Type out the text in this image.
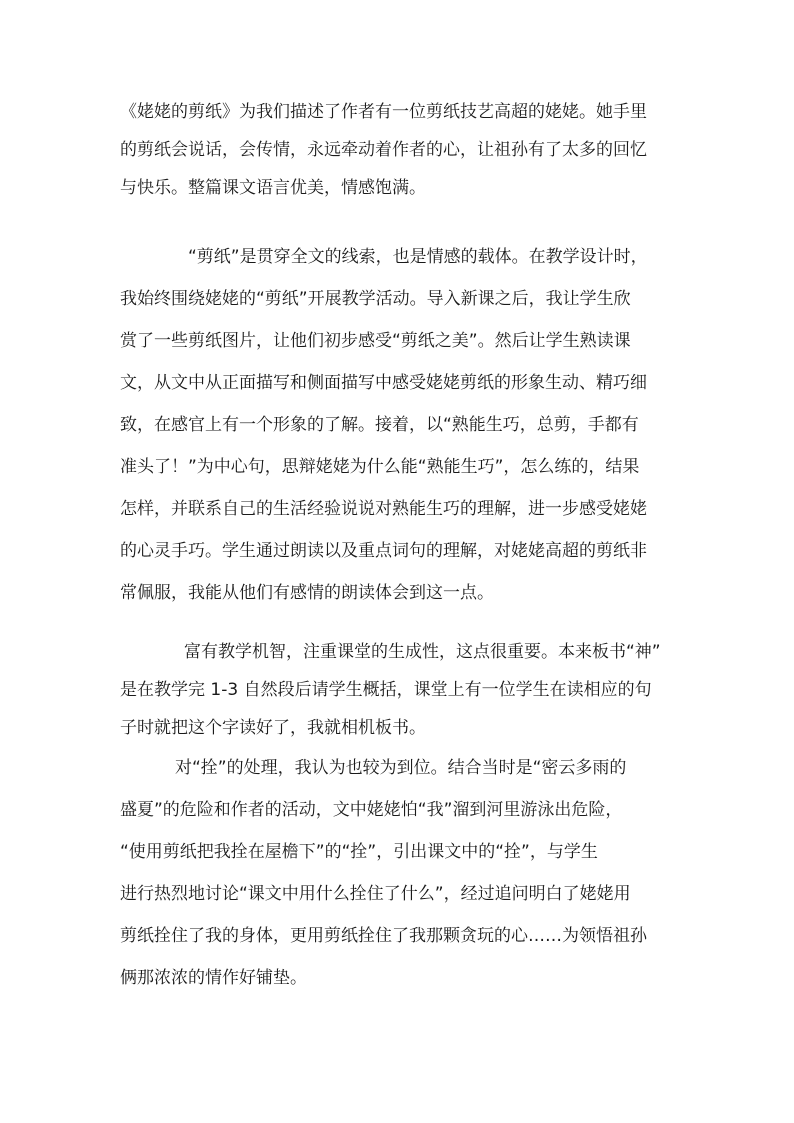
《姥姥的剪纸》为我们描述了作者有一位剪纸技艺高超的姥姥。她手里
的剪纸会说话，会传情，永远牵动着作者的心，让祖孙有了太多的回忆
与快乐。整篇课文语言优美，情感饱满。
“剪纸”是贯穿全文的线索，也是情感的载体。在教学设计时，
我始终围绕姥姥的“剪纸”开展教学活动。导入新课之后，我让学生欣
赏了一些剪纸图片，让他们初步感受“剪纸之美”。然后让学生熟读课
文，从文中从正面描写和侧面描写中感受姥姥剪纸的形象生动、精巧细
致，在感官上有一个形象的了解。接着，以“熟能生巧，总剪，手都有
准头了！”为中心句，思辩姥姥为什么能“熟能生巧”，怎么练的，结果
怎样，并联系自己的生活经验说说对熟能生巧的理解，进一步感受姥姥
的心灵手巧。学生通过朗读以及重点词句的理解，对姥姥高超的剪纸非
常佩服，我能从他们有感情的朗读体会到这一点。
富有教学机智，注重课堂的生成性，这点很重要。本来板书“神”
是在教学完 1-3 自然段后请学生概括，课堂上有一位学生在读相应的句
子时就把这个字读好了，我就相机板书。
对“拴”的处理，我认为也较为到位。结合当时是“密云多雨的
盛夏”的危险和作者的活动，文中姥姥怕“我”溜到河里游泳出危险，
“使用剪纸把我拴在屋檐下”的“拴”，引出课文中的“拴”，与学生
进行热烈地讨论“课文中用什么拴住了什么”，经过追问明白了姥姥用
剪纸拴住了我的身体，更用剪纸拴住了我那颗贪玩的心……为领悟祖孙
俩那浓浓的情作好铺垫。
